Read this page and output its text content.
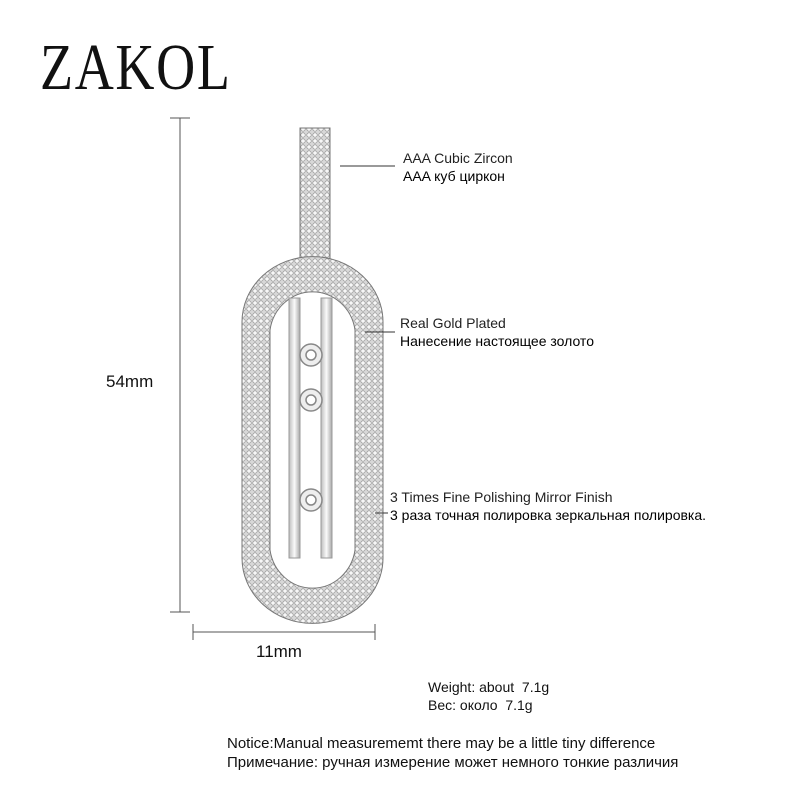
ZAKOL
54mm
11mm
AAA Cubic Zircon
AAA куб циркон
Real Gold Plated
Нанесение настоящее золото
3 Times Fine Polishing Mirror Finish
3 раза точная полировка зеркальная полировка.
Weight: about  7.1g
Вес: около  7.1g
Notice:Manual measurememt there may be a little tiny difference
Примечание: ручная измерение может немного тонкие различия
